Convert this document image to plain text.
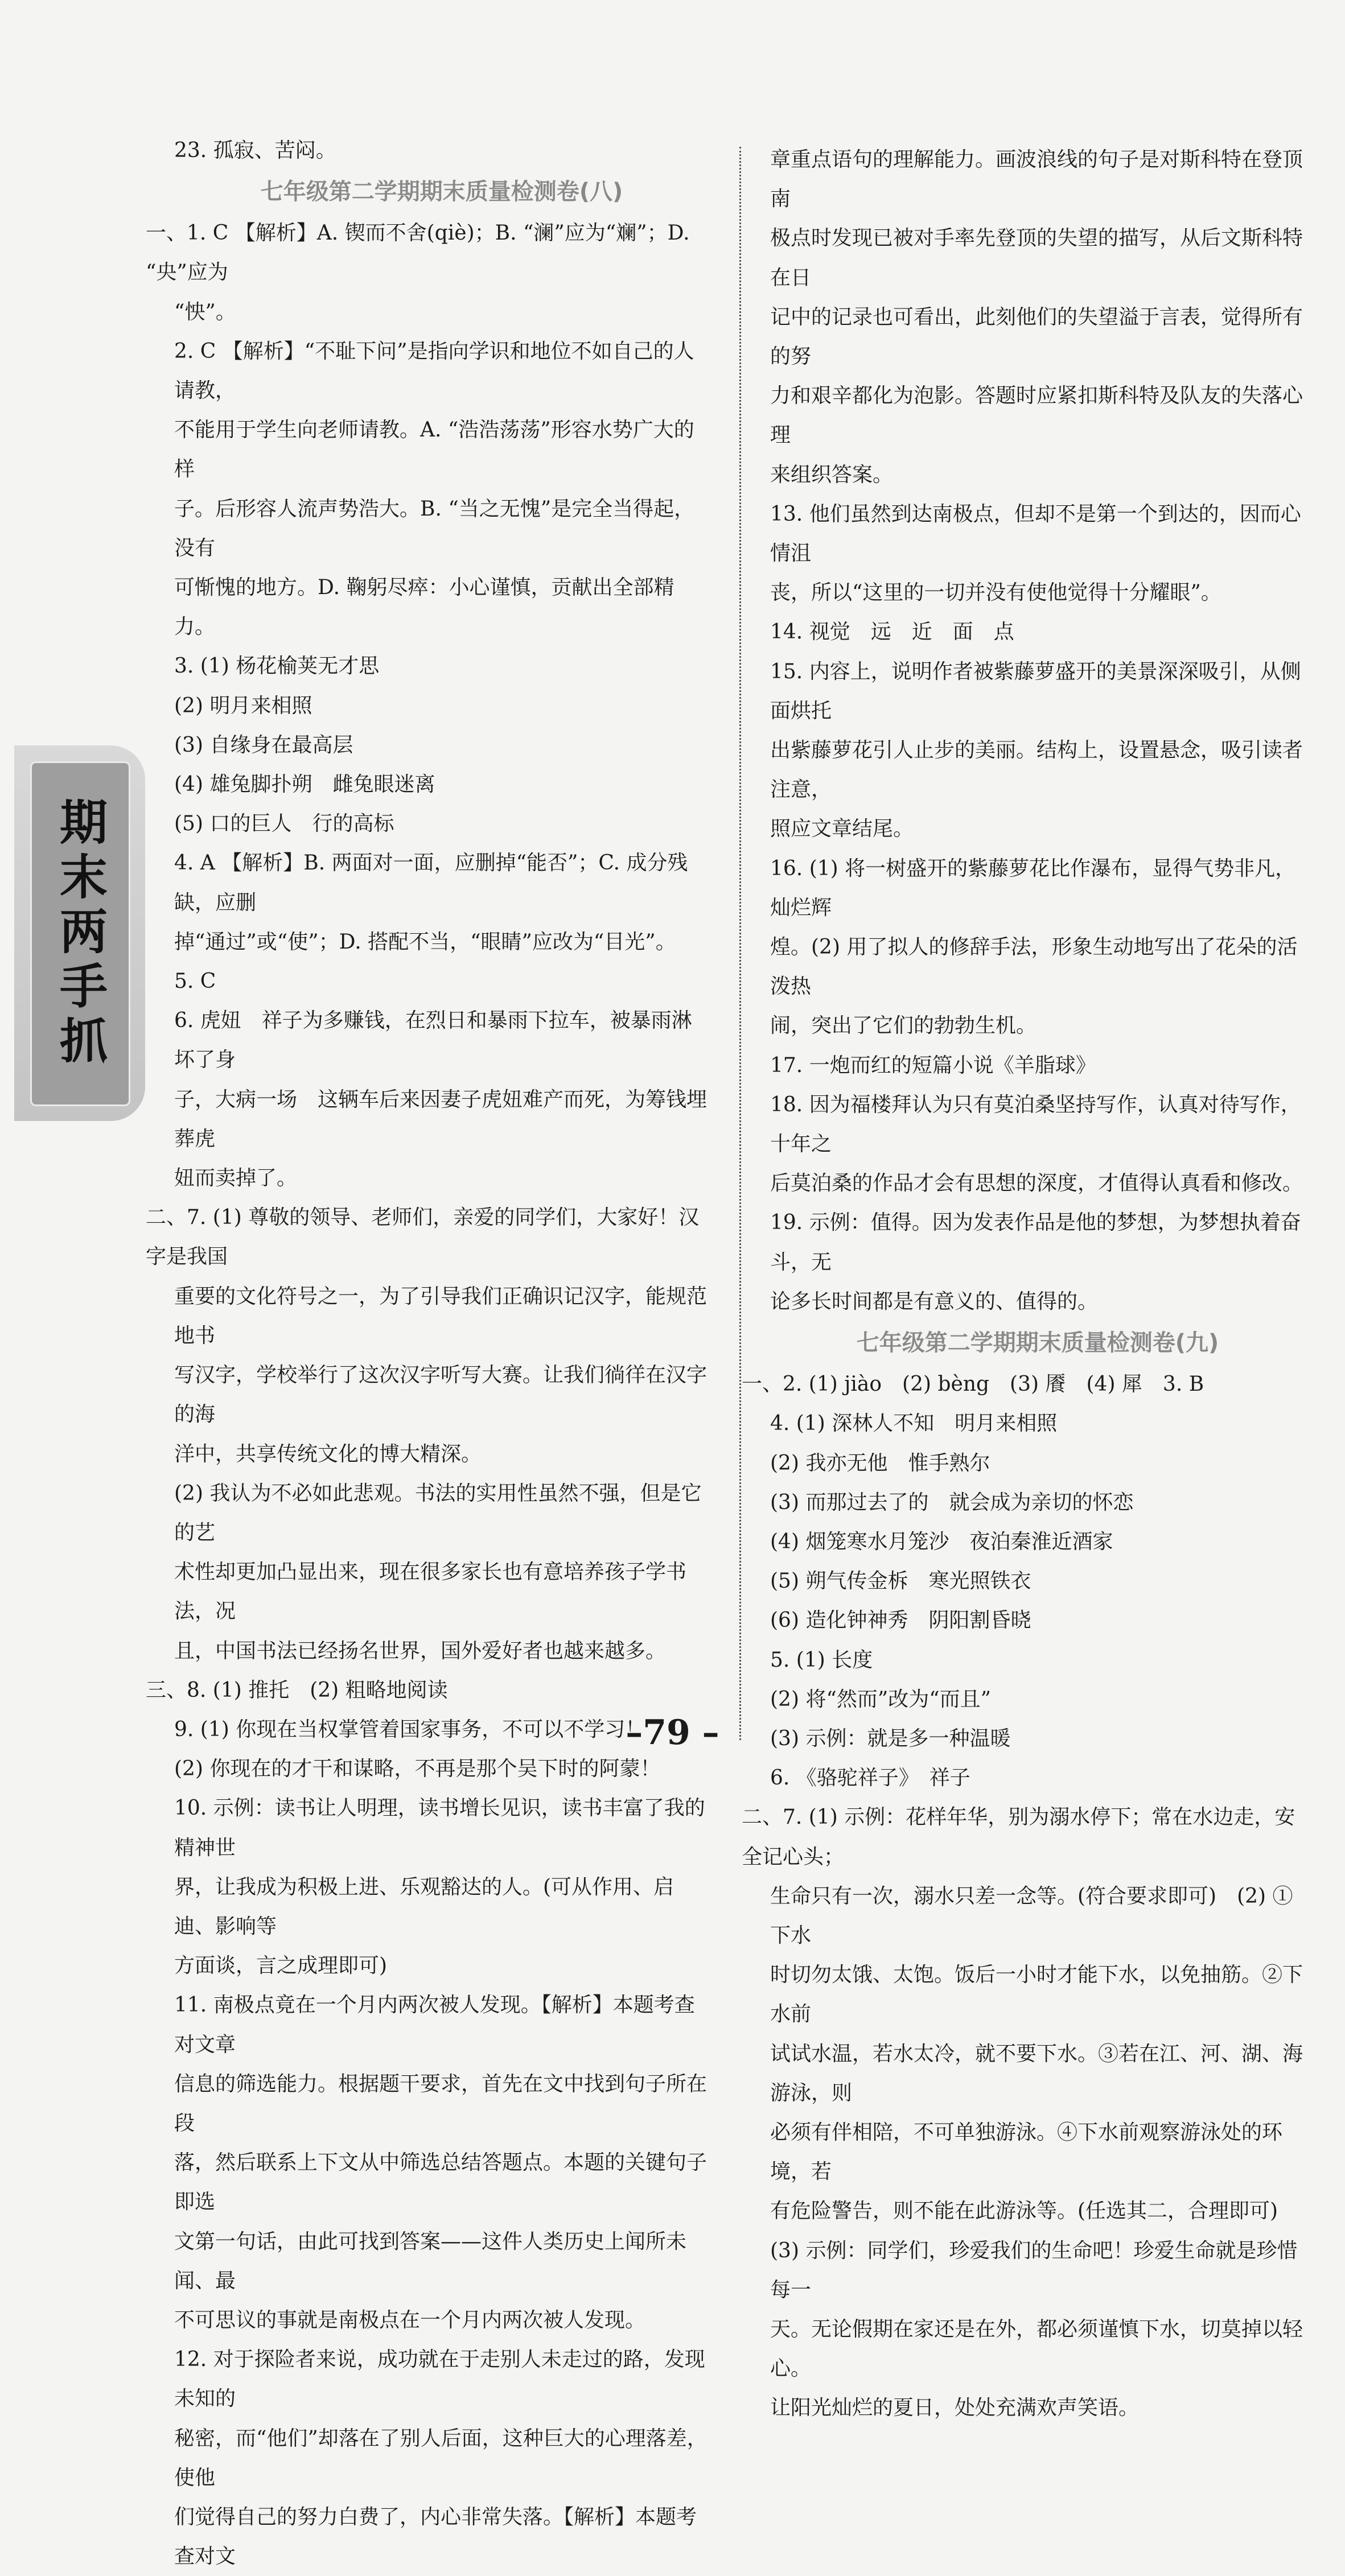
期末两手抓

23. 孤寂、苦闷。

七年级第二学期期末质量检测卷(八)

一、1. C 【解析】A. 锲而不舍(qiè)；B. “澜”应为“斓”；D. “央”应为

“怏”。

2. C 【解析】“不耻下问”是指向学识和地位不如自己的人请教，

不能用于学生向老师请教。A. “浩浩荡荡”形容水势广大的样

子。后形容人流声势浩大。B. “当之无愧”是完全当得起，没有

可惭愧的地方。D. 鞠躬尽瘁：小心谨慎，贡献出全部精力。

3. (1) 杨花榆荚无才思

(2) 明月来相照

(3) 自缘身在最高层

(4) 雄兔脚扑朔　雌兔眼迷离

(5) 口的巨人　行的高标

4. A 【解析】B. 两面对一面，应删掉“能否”；C. 成分残缺，应删

掉“通过”或“使”；D. 搭配不当，“眼睛”应改为“目光”。

5. C

6. 虎妞　祥子为多赚钱，在烈日和暴雨下拉车，被暴雨淋坏了身

子，大病一场　这辆车后来因妻子虎妞难产而死，为筹钱埋葬虎

妞而卖掉了。

二、7. (1) 尊敬的领导、老师们，亲爱的同学们，大家好！汉字是我国

重要的文化符号之一，为了引导我们正确识记汉字，能规范地书

写汉字，学校举行了这次汉字听写大赛。让我们徜徉在汉字的海

洋中，共享传统文化的博大精深。

(2) 我认为不必如此悲观。书法的实用性虽然不强，但是它的艺

术性却更加凸显出来，现在很多家长也有意培养孩子学书法，况

且，中国书法已经扬名世界，国外爱好者也越来越多。

三、8. (1) 推托　(2) 粗略地阅读

9. (1) 你现在当权掌管着国家事务，不可以不学习！

(2) 你现在的才干和谋略，不再是那个吴下时的阿蒙！

10. 示例：读书让人明理，读书增长见识，读书丰富了我的精神世

界，让我成为积极上进、乐观豁达的人。(可从作用、启迪、影响等

方面谈，言之成理即可)

11. 南极点竟在一个月内两次被人发现。【解析】本题考查对文章

信息的筛选能力。根据题干要求，首先在文中找到句子所在段

落，然后联系上下文从中筛选总结答题点。本题的关键句子即选

文第一句话，由此可找到答案——这件人类历史上闻所未闻、最

不可思议的事就是南极点在一个月内两次被人发现。

12. 对于探险者来说，成功就在于走别人未走过的路，发现未知的

秘密，而“他们”却落在了别人后面，这种巨大的心理落差，使他

们觉得自己的努力白费了，内心非常失落。【解析】本题考查对文

章重点语句的理解能力。画波浪线的句子是对斯科特在登顶南

极点时发现已被对手率先登顶的失望的描写，从后文斯科特在日

记中的记录也可看出，此刻他们的失望溢于言表，觉得所有的努

力和艰辛都化为泡影。答题时应紧扣斯科特及队友的失落心理

来组织答案。

13. 他们虽然到达南极点，但却不是第一个到达的，因而心情沮

丧，所以“这里的一切并没有使他觉得十分耀眼”。

14. 视觉　远　近　面　点

15. 内容上，说明作者被紫藤萝盛开的美景深深吸引，从侧面烘托

出紫藤萝花引人止步的美丽。结构上，设置悬念，吸引读者注意，

照应文章结尾。

16. (1) 将一树盛开的紫藤萝花比作瀑布，显得气势非凡，灿烂辉

煌。(2) 用了拟人的修辞手法，形象生动地写出了花朵的活泼热

闹，突出了它们的勃勃生机。

17. 一炮而红的短篇小说《羊脂球》

18. 因为福楼拜认为只有莫泊桑坚持写作，认真对待写作，十年之

后莫泊桑的作品才会有思想的深度，才值得认真看和修改。

19. 示例：值得。因为发表作品是他的梦想，为梦想执着奋斗，无

论多长时间都是有意义的、值得的。

七年级第二学期期末质量检测卷(九)

一、2. (1) jiào　(2) bèng　(3) 餍　(4) 犀　3. B

4. (1) 深林人不知　明月来相照

(2) 我亦无他　惟手熟尔

(3) 而那过去了的　就会成为亲切的怀恋

(4) 烟笼寒水月笼沙　夜泊秦淮近酒家

(5) 朔气传金柝　寒光照铁衣

(6) 造化钟神秀　阴阳割昏晓

5. (1) 长度

(2) 将“然而”改为“而且”

(3) 示例：就是多一种温暖

6. 《骆驼祥子》　祥子

二、7. (1) 示例：花样年华，别为溺水停下；常在水边走，安全记心头；

生命只有一次，溺水只差一念等。(符合要求即可)　(2) ①下水

时切勿太饿、太饱。饭后一小时才能下水，以免抽筋。②下水前

试试水温，若水太冷，就不要下水。③若在江、河、湖、海游泳，则

必须有伴相陪，不可单独游泳。④下水前观察游泳处的环境，若

有危险警告，则不能在此游泳等。(任选其二，合理即可)

(3) 示例：同学们，珍爱我们的生命吧！珍爱生命就是珍惜每一

天。无论假期在家还是在外，都必须谨慎下水，切莫掉以轻心。

让阳光灿烂的夏日，处处充满欢声笑语。

–79 –
